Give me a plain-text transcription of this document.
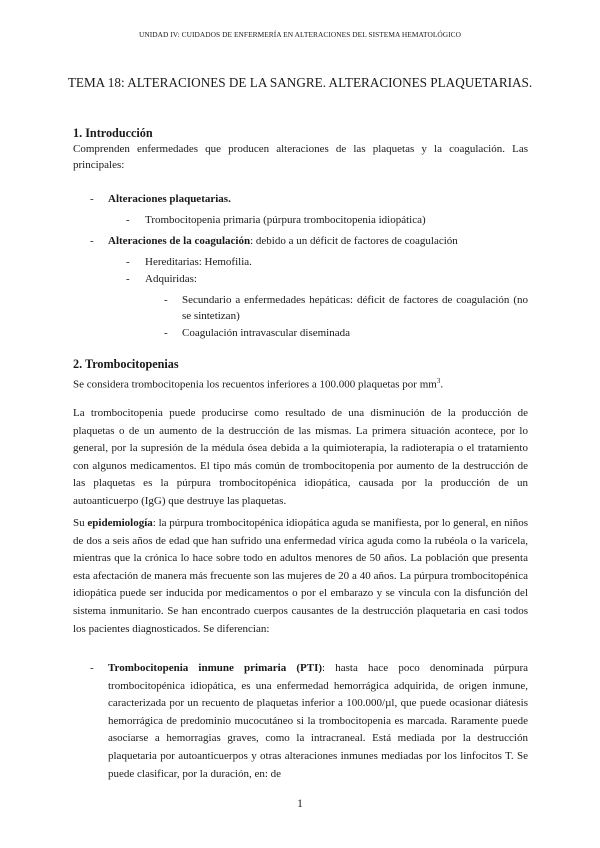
UNIDAD IV: CUIDADOS DE ENFERMERÍA EN ALTERACIONES DEL SISTEMA HEMATOLÓGICO
TEMA 18: ALTERACIONES DE LA SANGRE. ALTERACIONES PLAQUETARIAS.
1. Introducción
Comprenden enfermedades que producen alteraciones de las plaquetas y la coagulación. Las principales:
- Alteraciones plaquetarias.
- Trombocitopenia primaria (púrpura trombocitopenia idiopática)
- Alteraciones de la coagulación: debido a un déficit de factores de coagulación
- Hereditarias: Hemofilia.
- Adquiridas:
- Secundario a enfermedades hepáticas: déficit de factores de coagulación (no se sintetizan)
- Coagulación intravascular diseminada
2. Trombocitopenias
Se considera trombocitopenia los recuentos inferiores a 100.000 plaquetas por $mm^3$.
La trombocitopenia puede producirse como resultado de una disminución de la producción de plaquetas o de un aumento de la destrucción de las mismas. La primera situación acontece, por lo general, por la supresión de la médula ósea debida a la quimioterapia, la radioterapia o el tratamiento con algunos medicamentos. El tipo más común de trombocitopenia por aumento de la destrucción de las plaquetas es la púrpura trombocitopénica idiopática, causada por la producción de un autoanticuerpo (IgG) que destruye las plaquetas.
Su epidemiología: la púrpura trombocitopénica idiopática aguda se manifiesta, por lo general, en niños de dos a seis años de edad que han sufrido una enfermedad vírica aguda como la rubéola o la varicela, mientras que la crónica lo hace sobre todo en adultos menores de 50 años. La población que presenta esta afectación de manera más frecuente son las mujeres de 20 a 40 años. La púrpura trombocitopénica idiopática puede ser inducida por medicamentos o por el embarazo y se vincula con la disfunción del sistema inmunitario. Se han encontrado cuerpos causantes de la destrucción plaquetaria en casi todos los pacientes diagnosticados. Se diferencian:
- Trombocitopenia inmune primaria (PTI): hasta hace poco denominada púrpura trombocitopénica idiopática, es una enfermedad hemorrágica adquirida, de origen inmune, caracterizada por un recuento de plaquetas inferior a 100.000/µl, que puede ocasionar diátesis hemorrágica de predominio mucocutáneo si la trombocitopenia es marcada. Raramente puede asociarse a hemorragias graves, como la intracraneal. Está mediada por la destrucción plaquetaria por autoanticuerpos y otras alteraciones inmunes mediadas por los linfocitos T. Se puede clasificar, por la duración, en: de
1
